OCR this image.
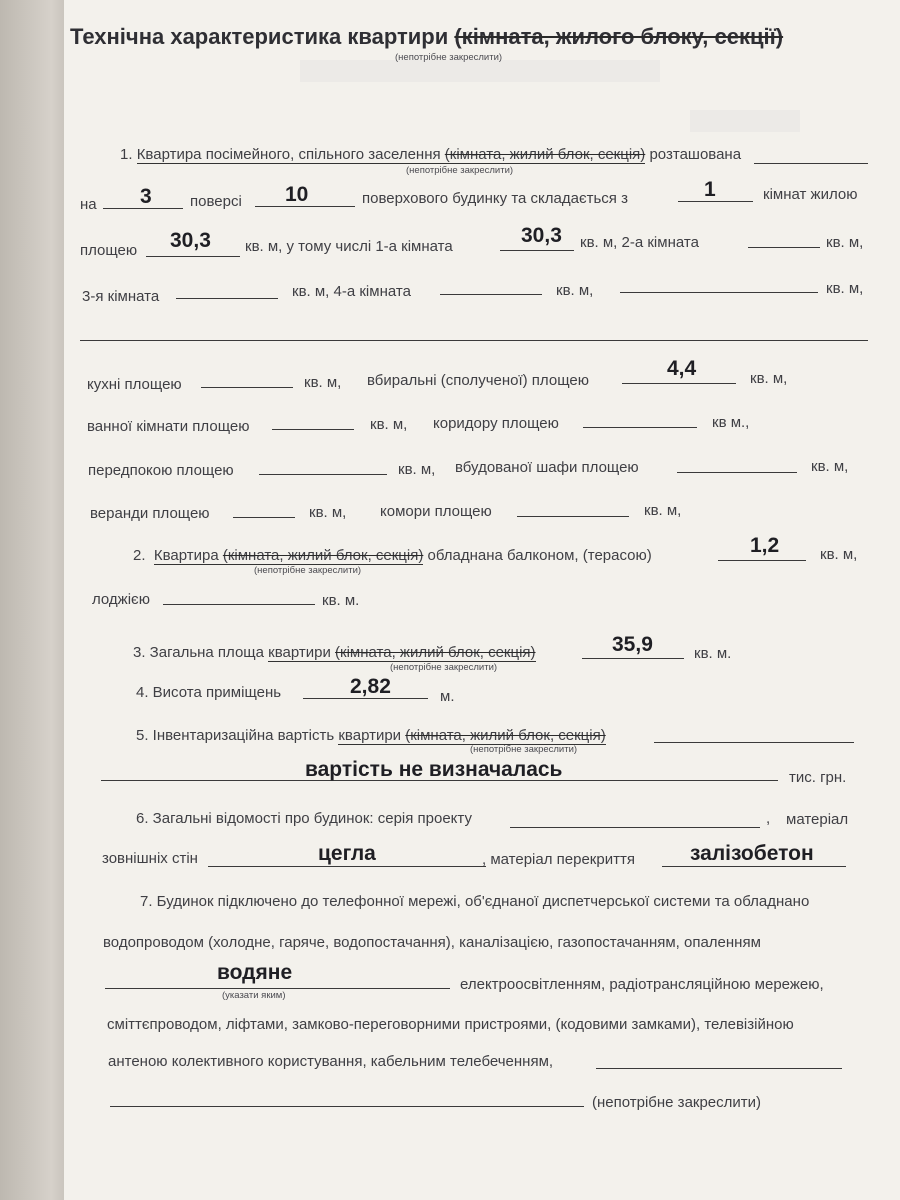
Технічна характеристика квартири (кімната, жилого блоку, секції)
(непотрібне закреслити)
1. Квартира посімейного, спільного заселення (кімната, жилий блок, секція) розташована
(непотрібне закреслити)
на 3	поверсі 10	поверхового будинку та складається з	1	кімнат жилою
площею 30,3 кв. м, у тому числі 1-а кімната	30,3 кв. м, 2-а кімната	кв. м,
3-я кімната	кв. м, 4-а кімната	кв. м,	кв. м,
кухні площею	кв. м, вбиральні (сполученої) площею
4,4	кв. м,
ванної кімнати площею	кв. м, коридору площею	кв м.,
передпокою площею	кв. м, вбудованої шафи площею	кв. м,
веранди площею	кв. м, комори площею	кв. м,
2. Квартира (кімната, жилий блок, секція) обладнана балконом, (терасою)
(непотрібне закреслити)
1,2	кв. м,
лоджією	кв. м.
3. Загальна площа квартири (кімната, жилий блок, секція)
(непотрібне закреслити)
35,9	кв. м.
4. Висота приміщень	2,82	м.
5. Інвентаризаційна вартість квартири (кімната, жилий блок, секція)
(непотрібне закреслити)
вартість не визначалась	тис. грн.
6. Загальні відомості про будинок: серія проекту	, матеріал
зовнішніх стін	цегла	, матеріал перекриття	залізобетон
7. Будинок підключено до телефонної мережі, об'єднаної диспетчерської системи та обладнано
водопроводом (холодне, гаряче, водопостачання), каналізацією, газопостачанням, опаленням
водяне
(указати яким)
електроосвітленням, радіотрансляційною мережею,
сміттєпроводом, ліфтами, замково-переговорними пристроями, (кодовими замками), телевізійною
антеною колективного користування, кабельним телебеченням,
(непотрібне закреслити)
